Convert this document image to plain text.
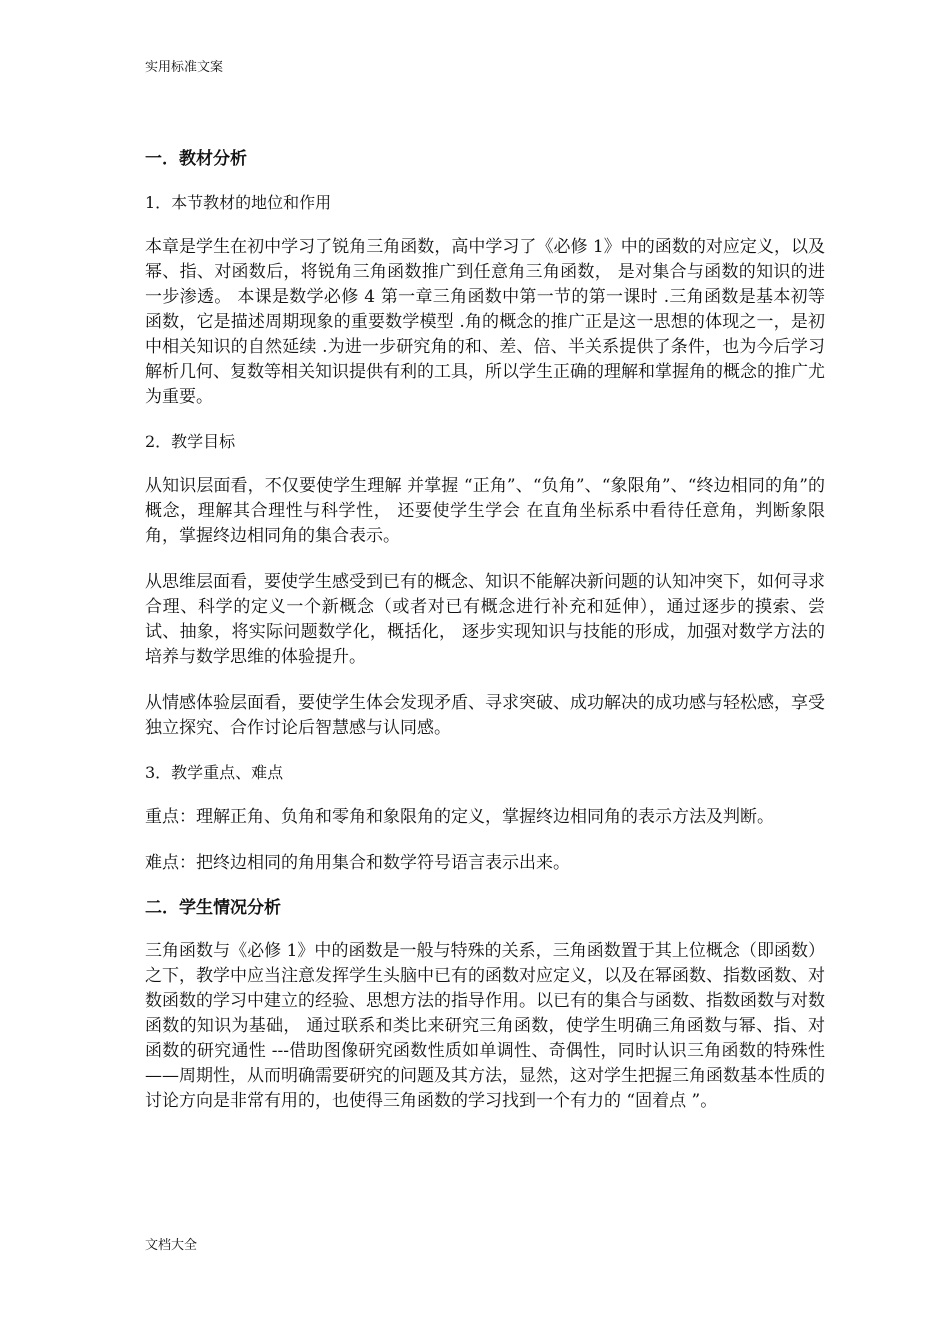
实用标准文案
一．教材分析
1．本节教材的地位和作用

本章是学生在初中学习了锐角三角函数，高中学习了《必修 1》中的函数的对应定义，以及幂、指、对函数后，将锐角三角函数推广到任意角三角函数， 是对集合与函数的知识的进一步渗透。 本课是数学必修 4 第一章三角函数中第一节的第一课时 .三角函数是基本初等函数，它是描述周期现象的重要数学模型 .角的概念的推广正是这一思想的体现之一，是初中相关知识的自然延续 .为进一步研究角的和、差、倍、半关系提供了条件，也为今后学习解析几何、复数等相关知识提供有利的工具，所以学生正确的理解和掌握角的概念的推广尤为重要。

2．教学目标

从知识层面看，不仅要使学生理解 并掌握 “正角”、“负角”、“象限角”、“终边相同的角”的概念，理解其合理性与科学性， 还要使学生学会 在直角坐标系中看待任意角，判断象限角，掌握终边相同角的集合表示。

从思维层面看，要使学生感受到已有的概念、知识不能解决新问题的认知冲突下，如何寻求合理、科学的定义一个新概念（或者对已有概念进行补充和延伸），通过逐步的摸索、尝试、抽象，将实际问题数学化，概括化， 逐步实现知识与技能的形成，加强对数学方法的培养与数学思维的体验提升。

从情感体验层面看，要使学生体会发现矛盾、寻求突破、成功解决的成功感与轻松感，享受独立探究、合作讨论后智慧感与认同感。

3．教学重点、难点

重点：理解正角、负角和零角和象限角的定义，掌握终边相同角的表示方法及判断。

难点：把终边相同的角用集合和数学符号语言表示出来。

二．学生情况分析

三角函数与《必修 1》中的函数是一般与特殊的关系，三角函数置于其上位概念（即函数）之下，教学中应当注意发挥学生头脑中已有的函数对应定义，以及在幂函数、指数函数、对数函数的学习中建立的经验、思想方法的指导作用。以已有的集合与函数、指数函数与对数函数的知识为基础， 通过联系和类比来研究三角函数，使学生明确三角函数与幂、指、对函数的研究通性 ---借助图像研究函数性质如单调性、奇偶性，同时认识三角函数的特殊性 ——周期性，从而明确需要研究的问题及其方法，显然，这对学生把握三角函数基本性质的讨论方向是非常有用的，也使得三角函数的学习找到一个有力的 “固着点 ”。

文档大全
